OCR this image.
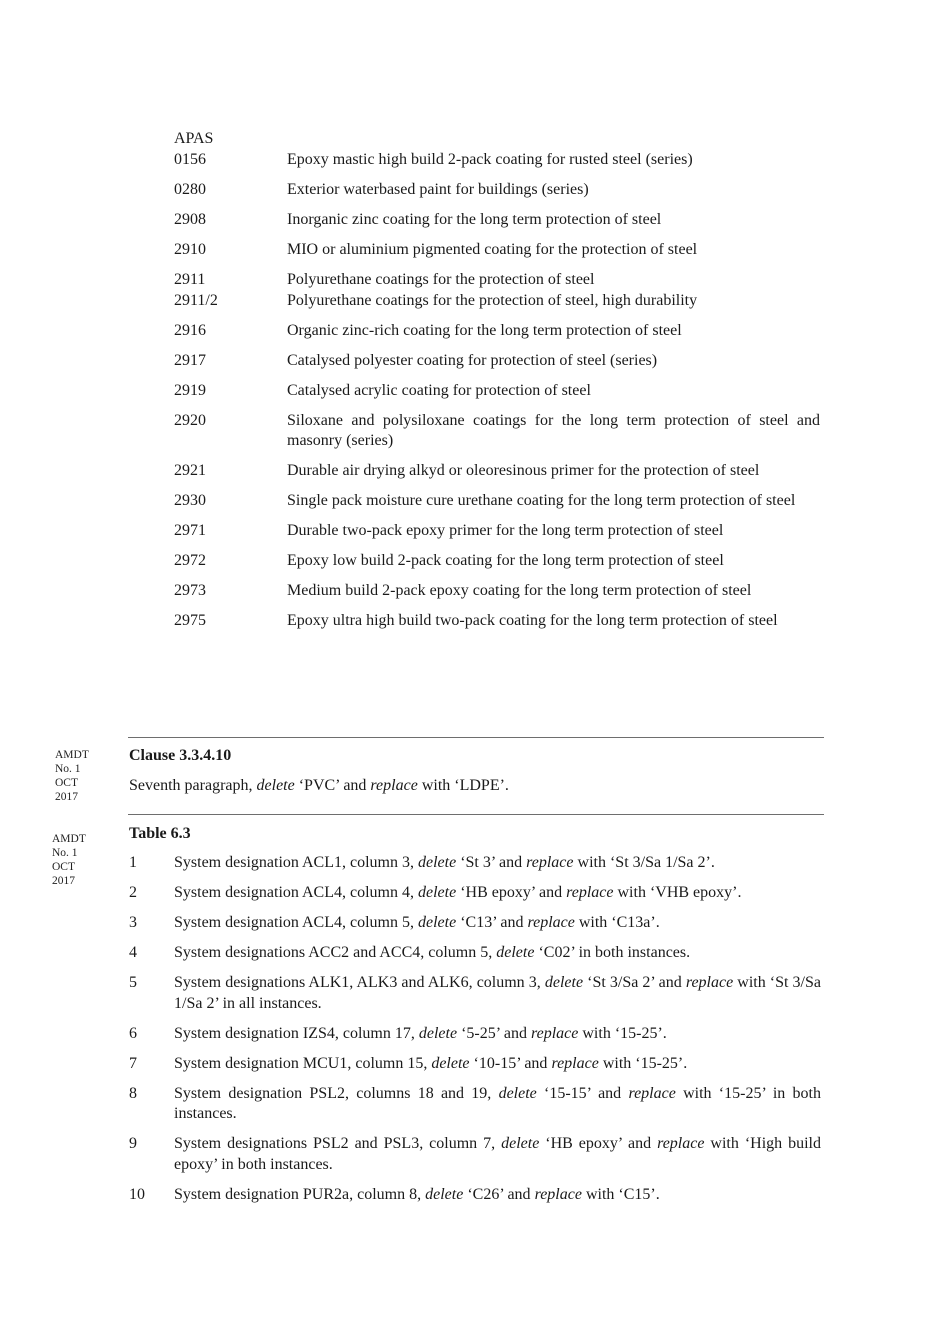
APAS
0156	Epoxy mastic high build 2-pack coating for rusted steel (series)
0280	Exterior waterbased paint for buildings (series)
2908	Inorganic zinc coating for the long term protection of steel
2910	MIO or aluminium pigmented coating for the protection of steel
2911	Polyurethane coatings for the protection of steel
2911/2	Polyurethane coatings for the protection of steel, high durability
2916	Organic zinc-rich coating for the long term protection of steel
2917	Catalysed polyester coating for protection of steel (series)
2919	Catalysed acrylic coating for protection of steel
2920	Siloxane and polysiloxane coatings for the long term protection of steel and masonry (series)
2921	Durable air drying alkyd or oleoresinous primer for the protection of steel
2930	Single pack moisture cure urethane coating for the long term protection of steel
2971	Durable two-pack epoxy primer for the long term protection of steel
2972	Epoxy low build 2-pack coating for the long term protection of steel
2973	Medium build 2-pack epoxy coating for the long term protection of steel
2975	Epoxy ultra high build two-pack coating for the long term protection of steel
AMDT
No. 1
OCT
2017
Clause 3.3.4.10
Seventh paragraph, delete ‘PVC’ and replace with ‘LDPE’.
AMDT
No. 1
OCT
2017
Table 6.3
1	System designation ACL1, column 3, delete ‘St 3’ and replace with ‘St 3/Sa 1/Sa 2’.
2	System designation ACL4, column 4, delete ‘HB epoxy’ and replace with ‘VHB epoxy’.
3	System designation ACL4, column 5, delete ‘C13’ and replace with ‘C13a’.
4	System designations ACC2 and ACC4, column 5, delete ‘C02’ in both instances.
5	System designations ALK1, ALK3 and ALK6, column 3, delete ‘St 3/Sa 2’ and replace with ‘St 3/Sa 1/Sa 2’ in all instances.
6	System designation IZS4, column 17, delete ‘5-25’ and replace with ‘15-25’.
7	System designation MCU1, column 15, delete ‘10-15’ and replace with ‘15-25’.
8	System designation PSL2, columns 18 and 19, delete ‘15-15’ and replace with ‘15-25’ in both instances.
9	System designations PSL2 and PSL3, column 7, delete ‘HB epoxy’ and replace with ‘High build epoxy’ in both instances.
10	System designation PUR2a, column 8, delete ‘C26’ and replace with ‘C15’.
